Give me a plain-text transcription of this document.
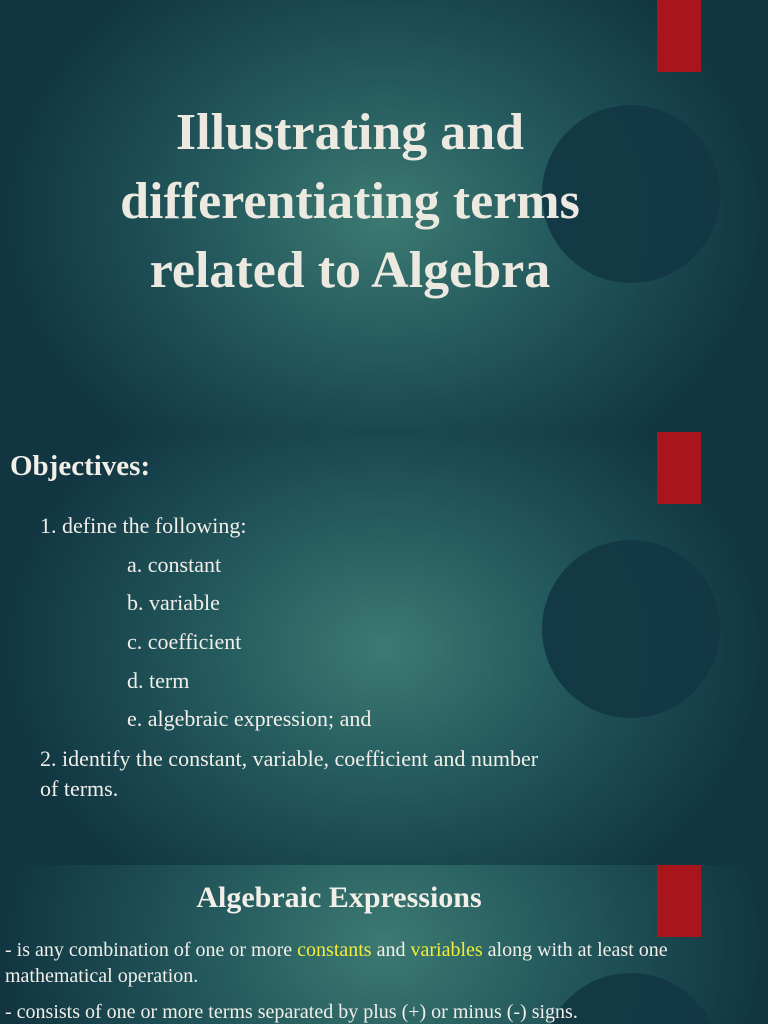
Illustrating and differentiating terms related to Algebra
Objectives:
1. define the following:
a. constant
b. variable
c. coefficient
d. term
e. algebraic expression; and
2. identify the constant, variable, coefficient and number
of terms.
Algebraic Expressions
- is any combination of one or more constants and variables along with at least one
mathematical operation.
- consists of one or more terms separated by plus (+) or minus (-) signs.
